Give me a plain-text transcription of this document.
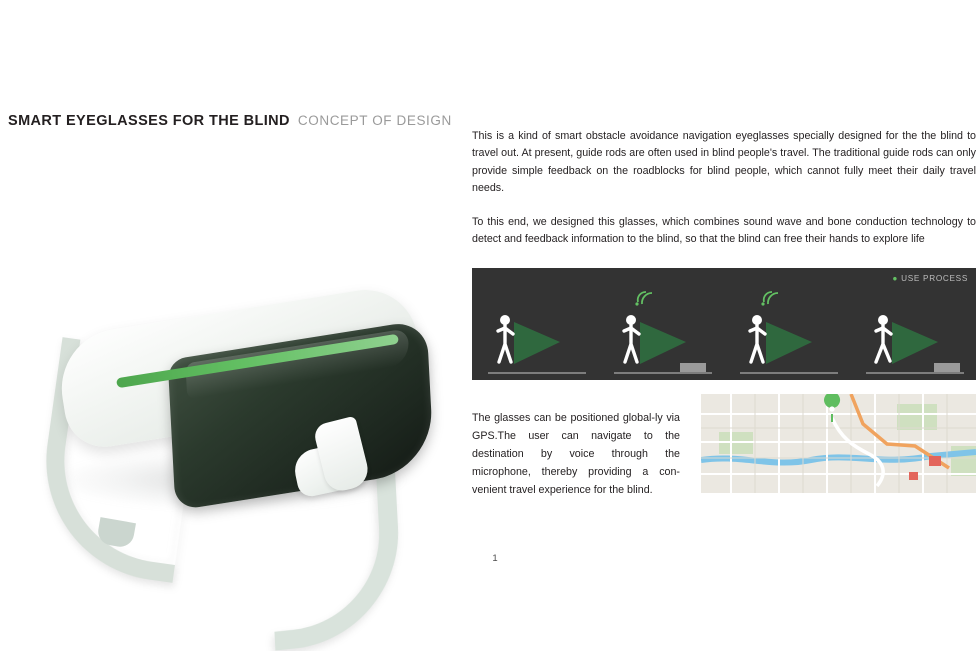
SMART EYEGLASSES FOR THE BLIND CONCEPT OF DESIGN

This is a kind of smart obstacle avoidance navigation eyeglasses specially designed for the the blind to travel out. At present, guide rods are often used in blind people's travel. The traditional guide rods can only provide simple feedback on the roadblocks for blind people, which cannot fully meet their daily travel needs.

To this end, we designed this glasses, which combines sound wave and bone conduction technology to detect and feedback information to the blind, so that the blind can free their hands to explore life

● USE PROCESS

The glasses can be positioned global-ly via GPS.The user can navigate to the destination by voice through the microphone, thereby providing a con-venient travel experience for the blind.

1
